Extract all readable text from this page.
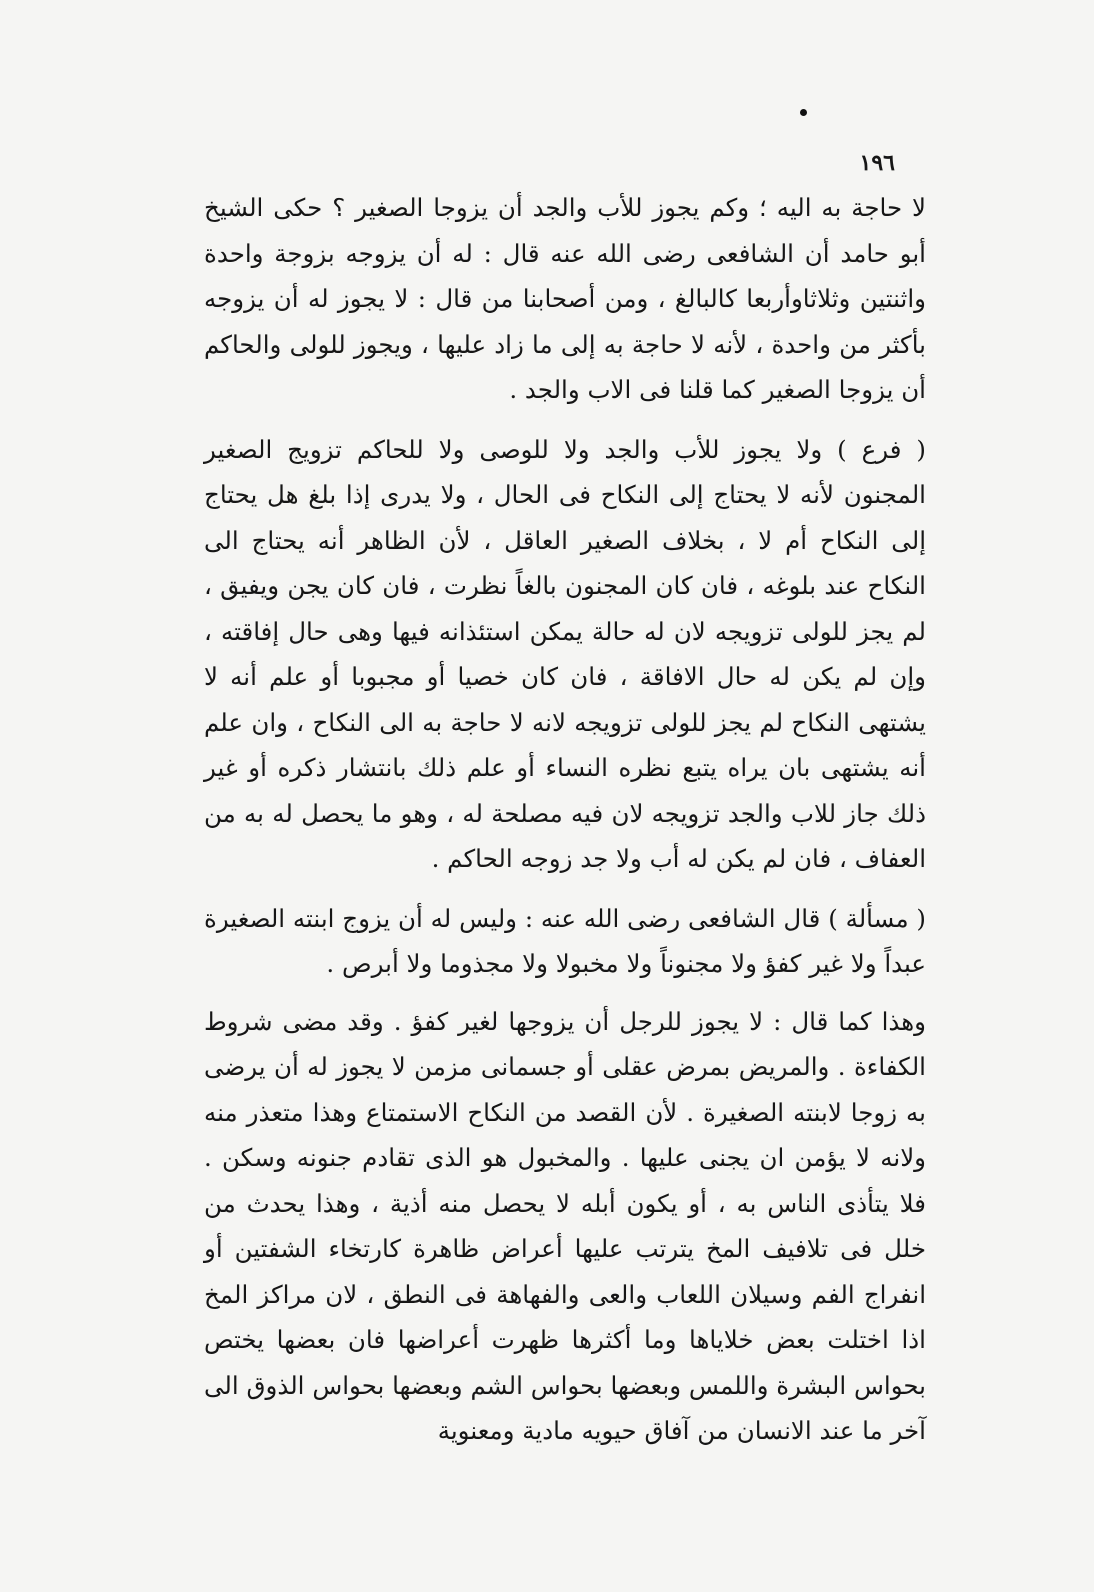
١٩٦

لا حاجة به اليه ؛ وكم يجوز للأب والجد أن يزوجا الصغير ؟ حكى الشيخ أبو حامد أن الشافعى رضى الله عنه قال : له أن يزوجه بزوجة واحدة واثنتين وثلاثاوأربعا كالبالغ ، ومن أصحابنا من قال : لا يجوز له أن يزوجه بأكثر من واحدة ، لأنه لا حاجة به إلى ما زاد عليها ، ويجوز للولى والحاكم أن يزوجا الصغير كما قلنا فى الاب والجد .

( فرع ) ولا يجوز للأب والجد ولا للوصى ولا للحاكم تزويج الصغير المجنون لأنه لا يحتاج إلى النكاح فى الحال ، ولا يدرى إذا بلغ هل يحتاج إلى النكاح أم لا ، بخلاف الصغير العاقل ، لأن الظاهر أنه يحتاج الى النكاح عند بلوغه ، فان كان المجنون بالغاً نظرت ، فان كان يجن ويفيق ، لم يجز للولى تزويجه لان له حالة يمكن استئذانه فيها وهى حال إفاقته ، وإن لم يكن له حال الافاقة ، فان كان خصيا أو مجبوبا أو علم أنه لا يشتهى النكاح لم يجز للولى تزويجه لانه لا حاجة به الى النكاح ، وان علم أنه يشتهى بان يراه يتبع نظره النساء أو علم ذلك بانتشار ذكره أو غير ذلك جاز للاب والجد تزويجه لان فيه مصلحة له ، وهو ما يحصل له به من العفاف ، فان لم يكن له أب ولا جد زوجه الحاكم .

( مسألة ) قال الشافعى رضى الله عنه : وليس له أن يزوج ابنته الصغيرة عبداً ولا غير كفؤ ولا مجنوناً ولا مخبولا ولا مجذوما ولا أبرص .

وهذا كما قال : لا يجوز للرجل أن يزوجها لغير كفؤ . وقد مضى شروط الكفاءة . والمريض بمرض عقلى أو جسمانى مزمن لا يجوز له أن يرضى به زوجا لابنته الصغيرة . لأن القصد من النكاح الاستمتاع وهذا متعذر منه ولانه لا يؤمن ان يجنى عليها . والمخبول هو الذى تقادم جنونه وسكن . فلا يتأذى الناس به ، أو يكون أبله لا يحصل منه أذية ، وهذا يحدث من خلل فى تلافيف المخ يترتب عليها أعراض ظاهرة كارتخاء الشفتين أو انفراج الفم وسيلان اللعاب والعى والفهاهة فى النطق ، لان مراكز المخ اذا اختلت بعض خلاياها وما أكثرها ظهرت أعراضها فان بعضها يختص بحواس البشرة واللمس وبعضها بحواس الشم وبعضها بحواس الذوق الى آخر ما عند الانسان من آفاق حيويه مادية ومعنوية
